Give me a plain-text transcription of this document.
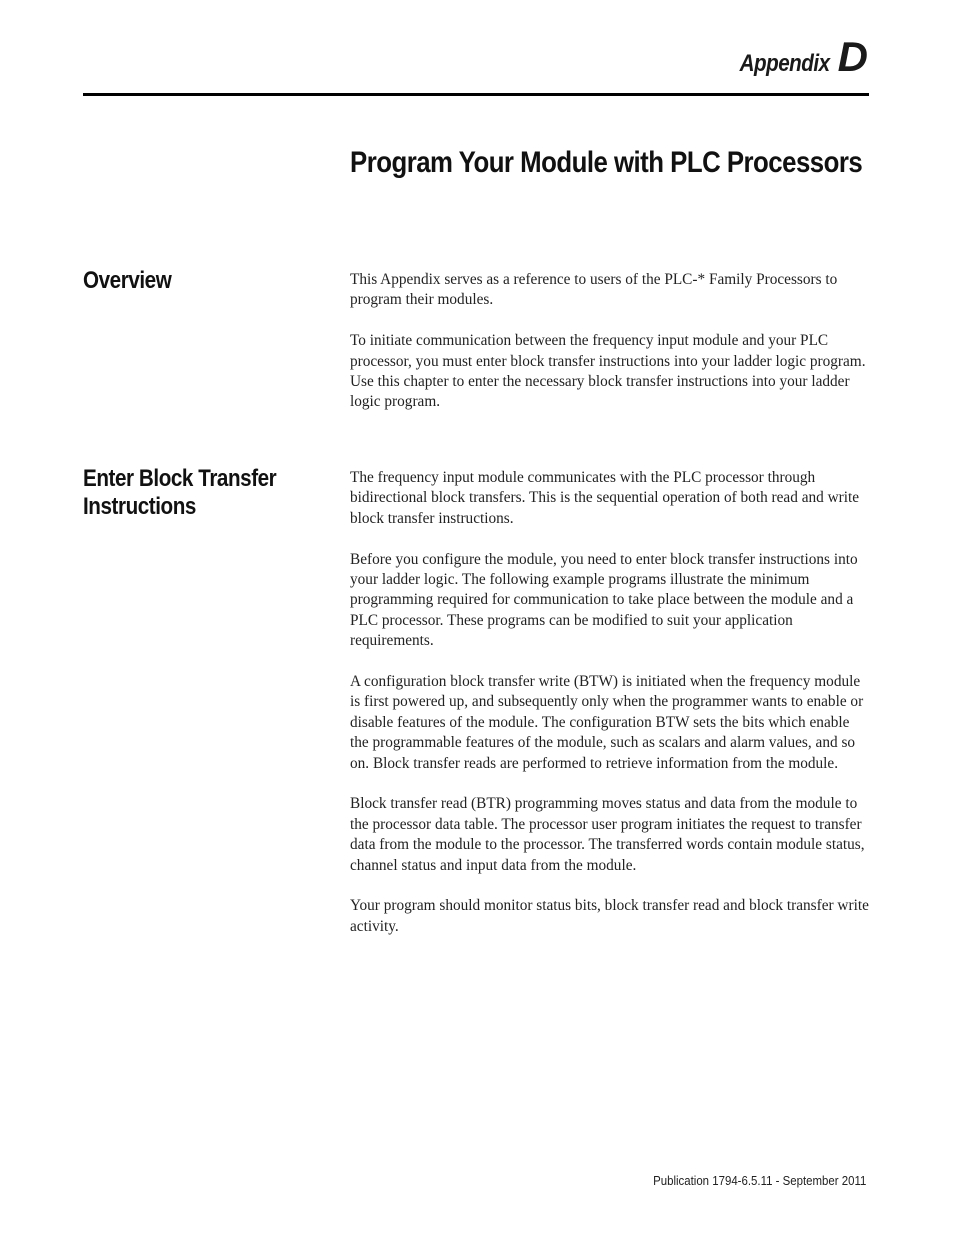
Appendix D
Program Your Module with PLC Processors
Overview	This Appendix serves as a reference to users of the PLC-* Family Processors to program their modules.

To initiate communication between the frequency input module and your PLC processor, you must enter block transfer instructions into your ladder logic program. Use this chapter to enter the necessary block transfer instructions into your ladder logic program.

Enter Block Transfer Instructions

The frequency input module communicates with the PLC processor through bidirectional block transfers. This is the sequential operation of both read and write block transfer instructions.

Before you configure the module, you need to enter block transfer instructions into your ladder logic. The following example programs illustrate the minimum programming required for communication to take place between the module and a PLC processor. These programs can be modified to suit your application requirements.

A configuration block transfer write (BTW) is initiated when the frequency module is first powered up, and subsequently only when the programmer wants to enable or disable features of the module. The configuration BTW sets the bits which enable the programmable features of the module, such as scalars and alarm values, and so on. Block transfer reads are performed to retrieve information from the module.

Block transfer read (BTR) programming moves status and data from the module to the processor data table. The processor user program initiates the request to transfer data from the module to the processor. The transferred words contain module status, channel status and input data from the module.

Your program should monitor status bits, block transfer read and block transfer write activity.

Publication 1794-6.5.11 - September 2011
